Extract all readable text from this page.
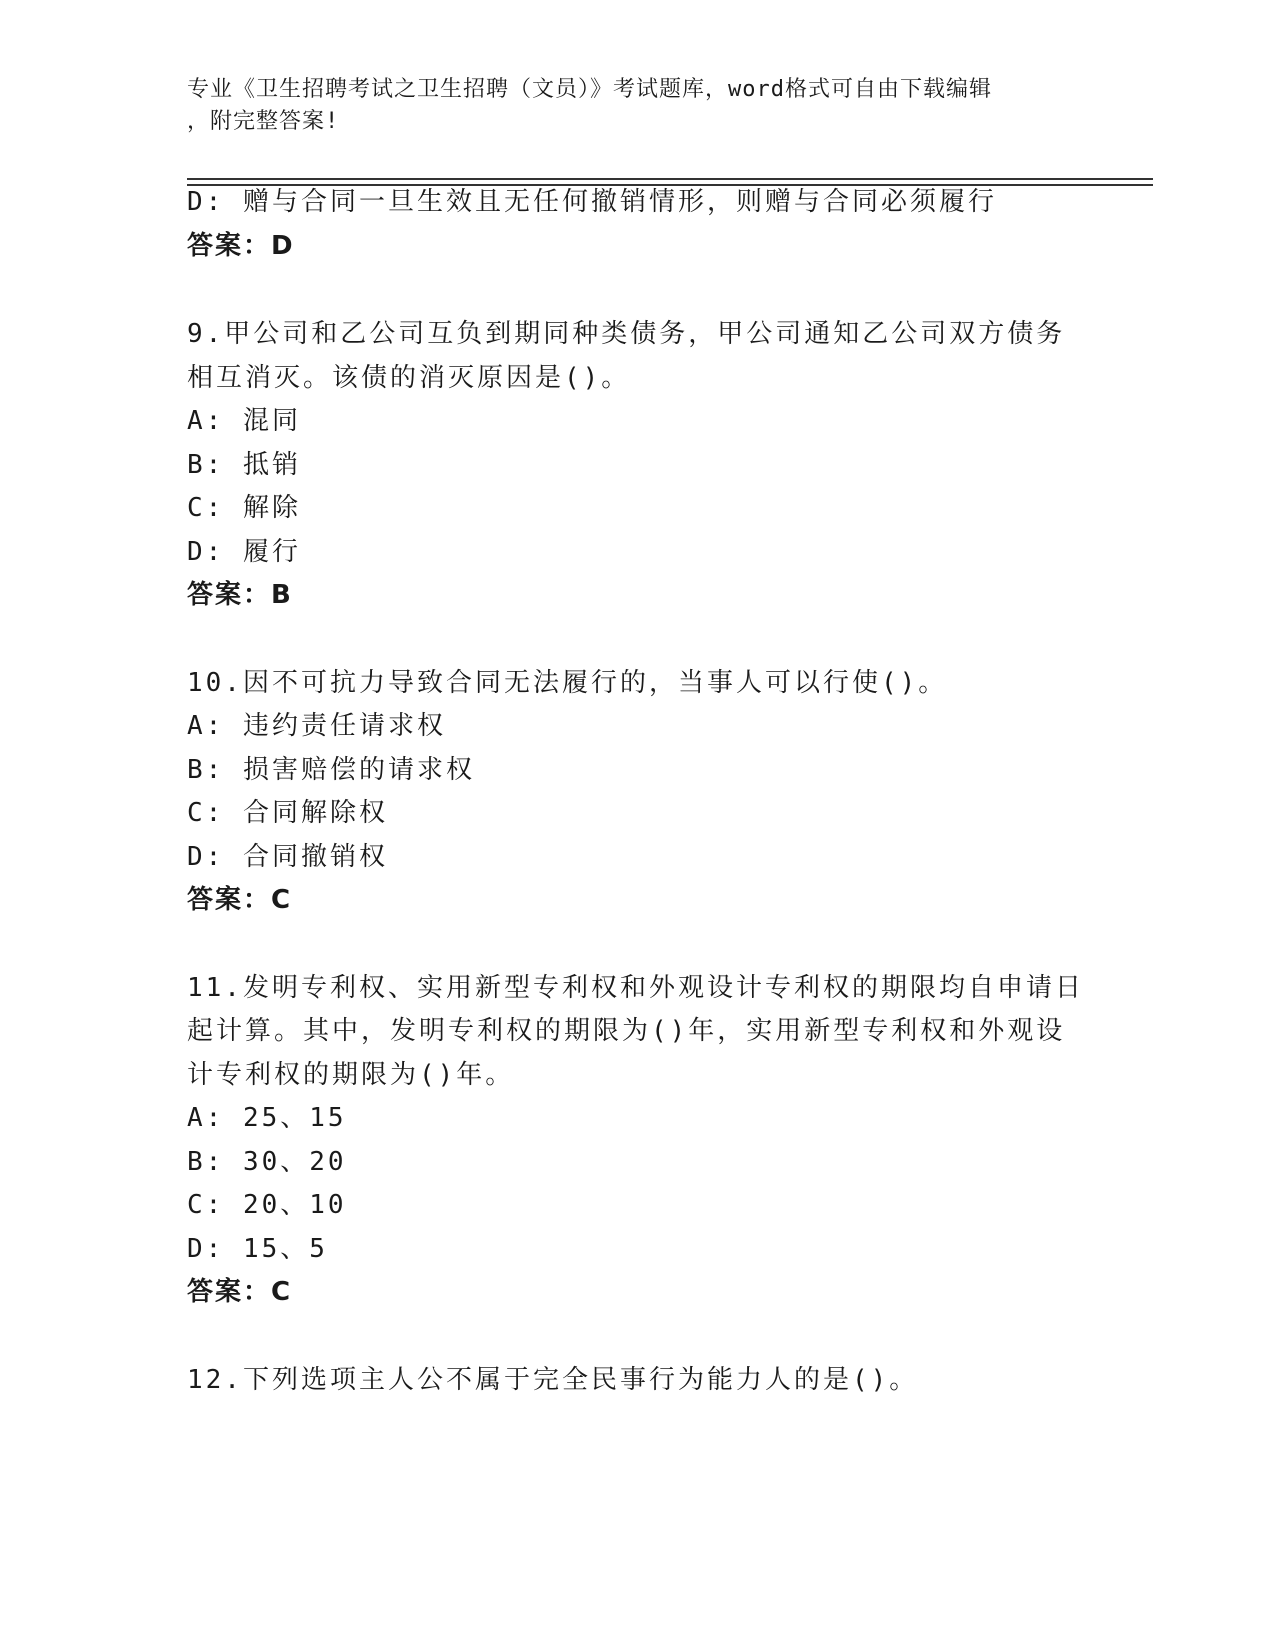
专业《卫生招聘考试之卫生招聘（文员）》考试题库，word格式可自由下载编辑
，附完整答案!
D: 赠与合同一旦生效且无任何撤销情形，则赠与合同必须履行
答案：D
9.甲公司和乙公司互负到期同种类债务，甲公司通知乙公司双方债务
相互消灭。该债的消灭原因是()。
A: 混同
B: 抵销
C: 解除
D: 履行
答案：B
10.因不可抗力导致合同无法履行的，当事人可以行使()。
A: 违约责任请求权
B: 损害赔偿的请求权
C: 合同解除权
D: 合同撤销权
答案：C
11.发明专利权、实用新型专利权和外观设计专利权的期限均自申请日
起计算。其中，发明专利权的期限为()年，实用新型专利权和外观设
计专利权的期限为()年。
A: 25、15
B: 30、20
C: 20、10
D: 15、5
答案：C
12.下列选项主人公不属于完全民事行为能力人的是()。
